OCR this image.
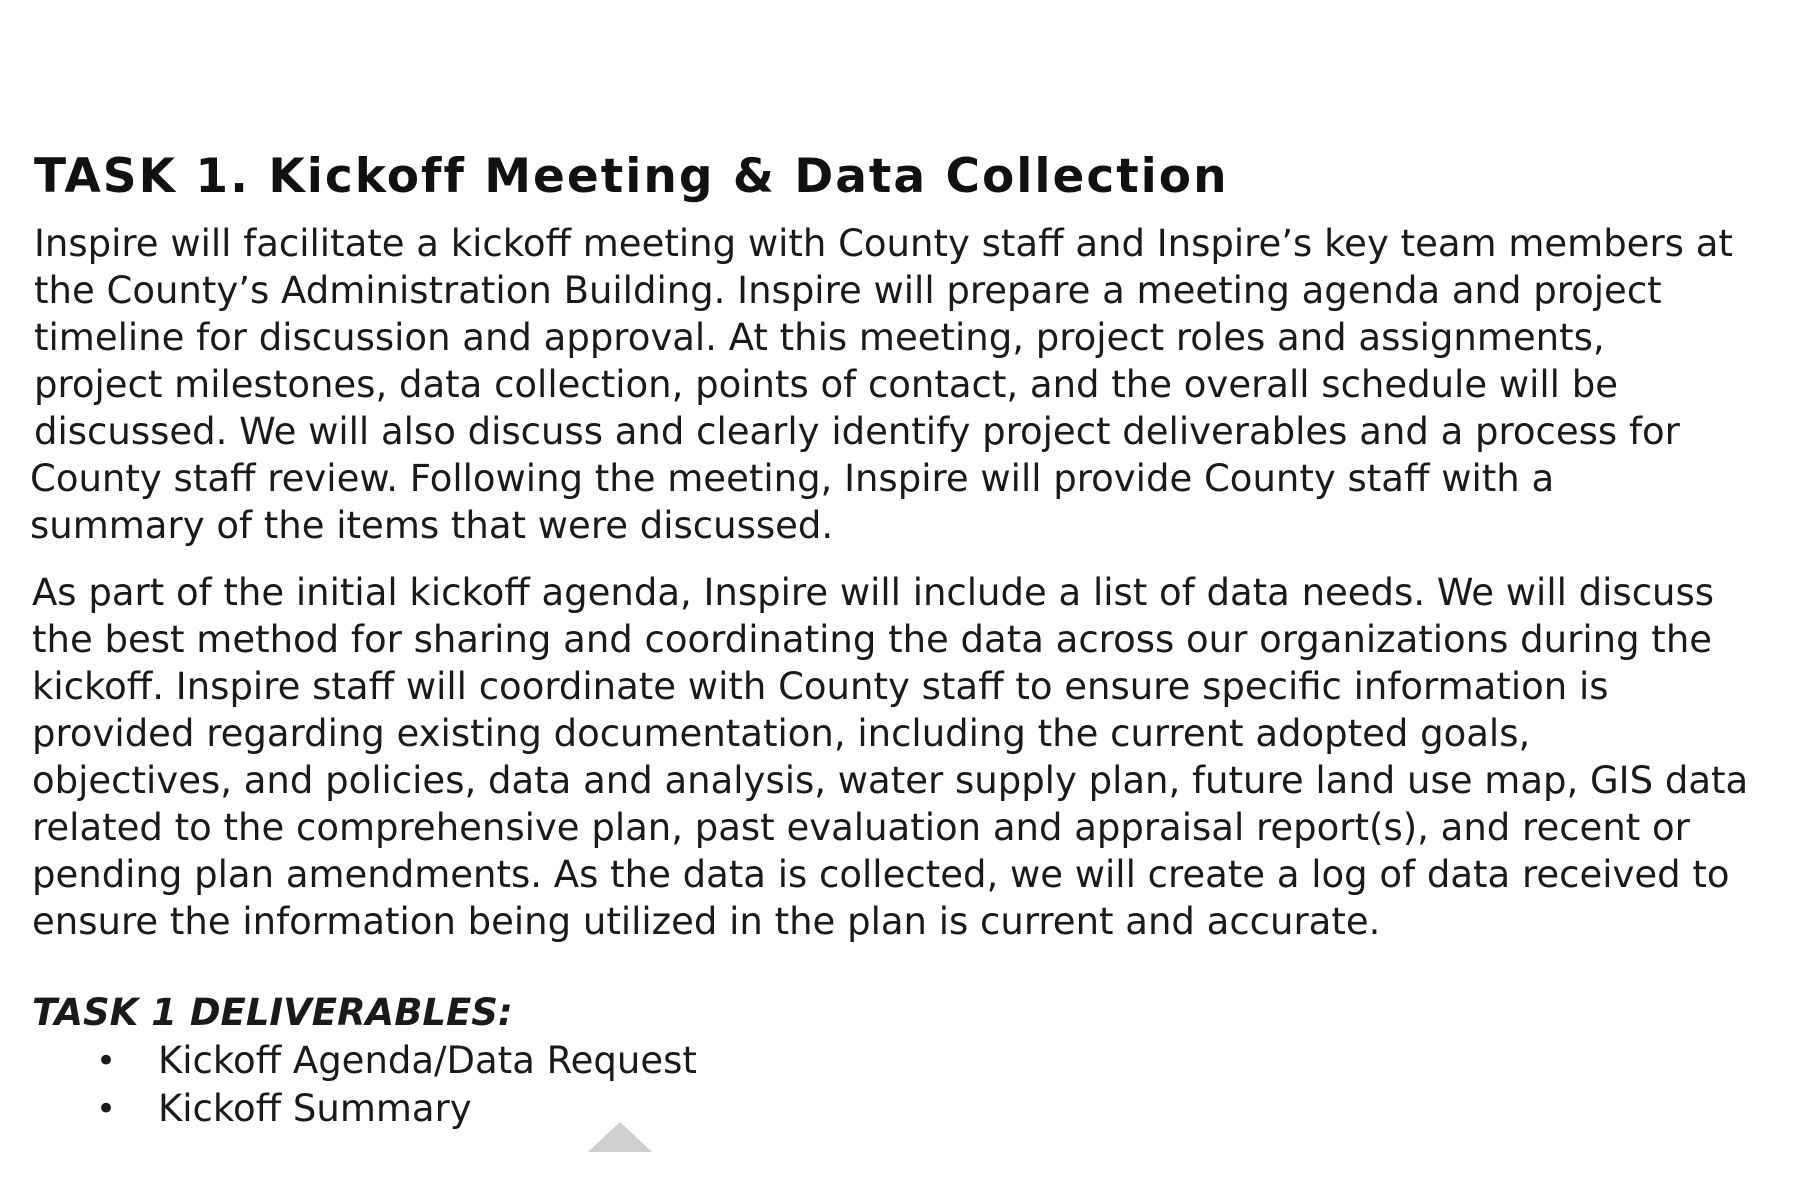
TASK 1. Kickoff Meeting & Data Collection

Inspire will facilitate a kickoff meeting with County staff and Inspire’s key team members at
the County’s Administration Building. Inspire will prepare a meeting agenda and project
timeline for discussion and approval. At this meeting, project roles and assignments,
project milestones, data collection, points of contact, and the overall schedule will be
discussed. We will also discuss and clearly identify project deliverables and a process for
County staff review. Following the meeting, Inspire will provide County staff with a
summary of the items that were discussed.

As part of the initial kickoff agenda, Inspire will include a list of data needs. We will discuss
the best method for sharing and coordinating the data across our organizations during the
kickoff. Inspire staff will coordinate with County staff to ensure specific information is
provided regarding existing documentation, including the current adopted goals,
objectives, and policies, data and analysis, water supply plan, future land use map, GIS data
related to the comprehensive plan, past evaluation and appraisal report(s), and recent or
pending plan amendments. As the data is collected, we will create a log of data received to
ensure the information being utilized in the plan is current and accurate.

TASK 1 DELIVERABLES:
• Kickoff Agenda/Data Request
• Kickoff Summary
